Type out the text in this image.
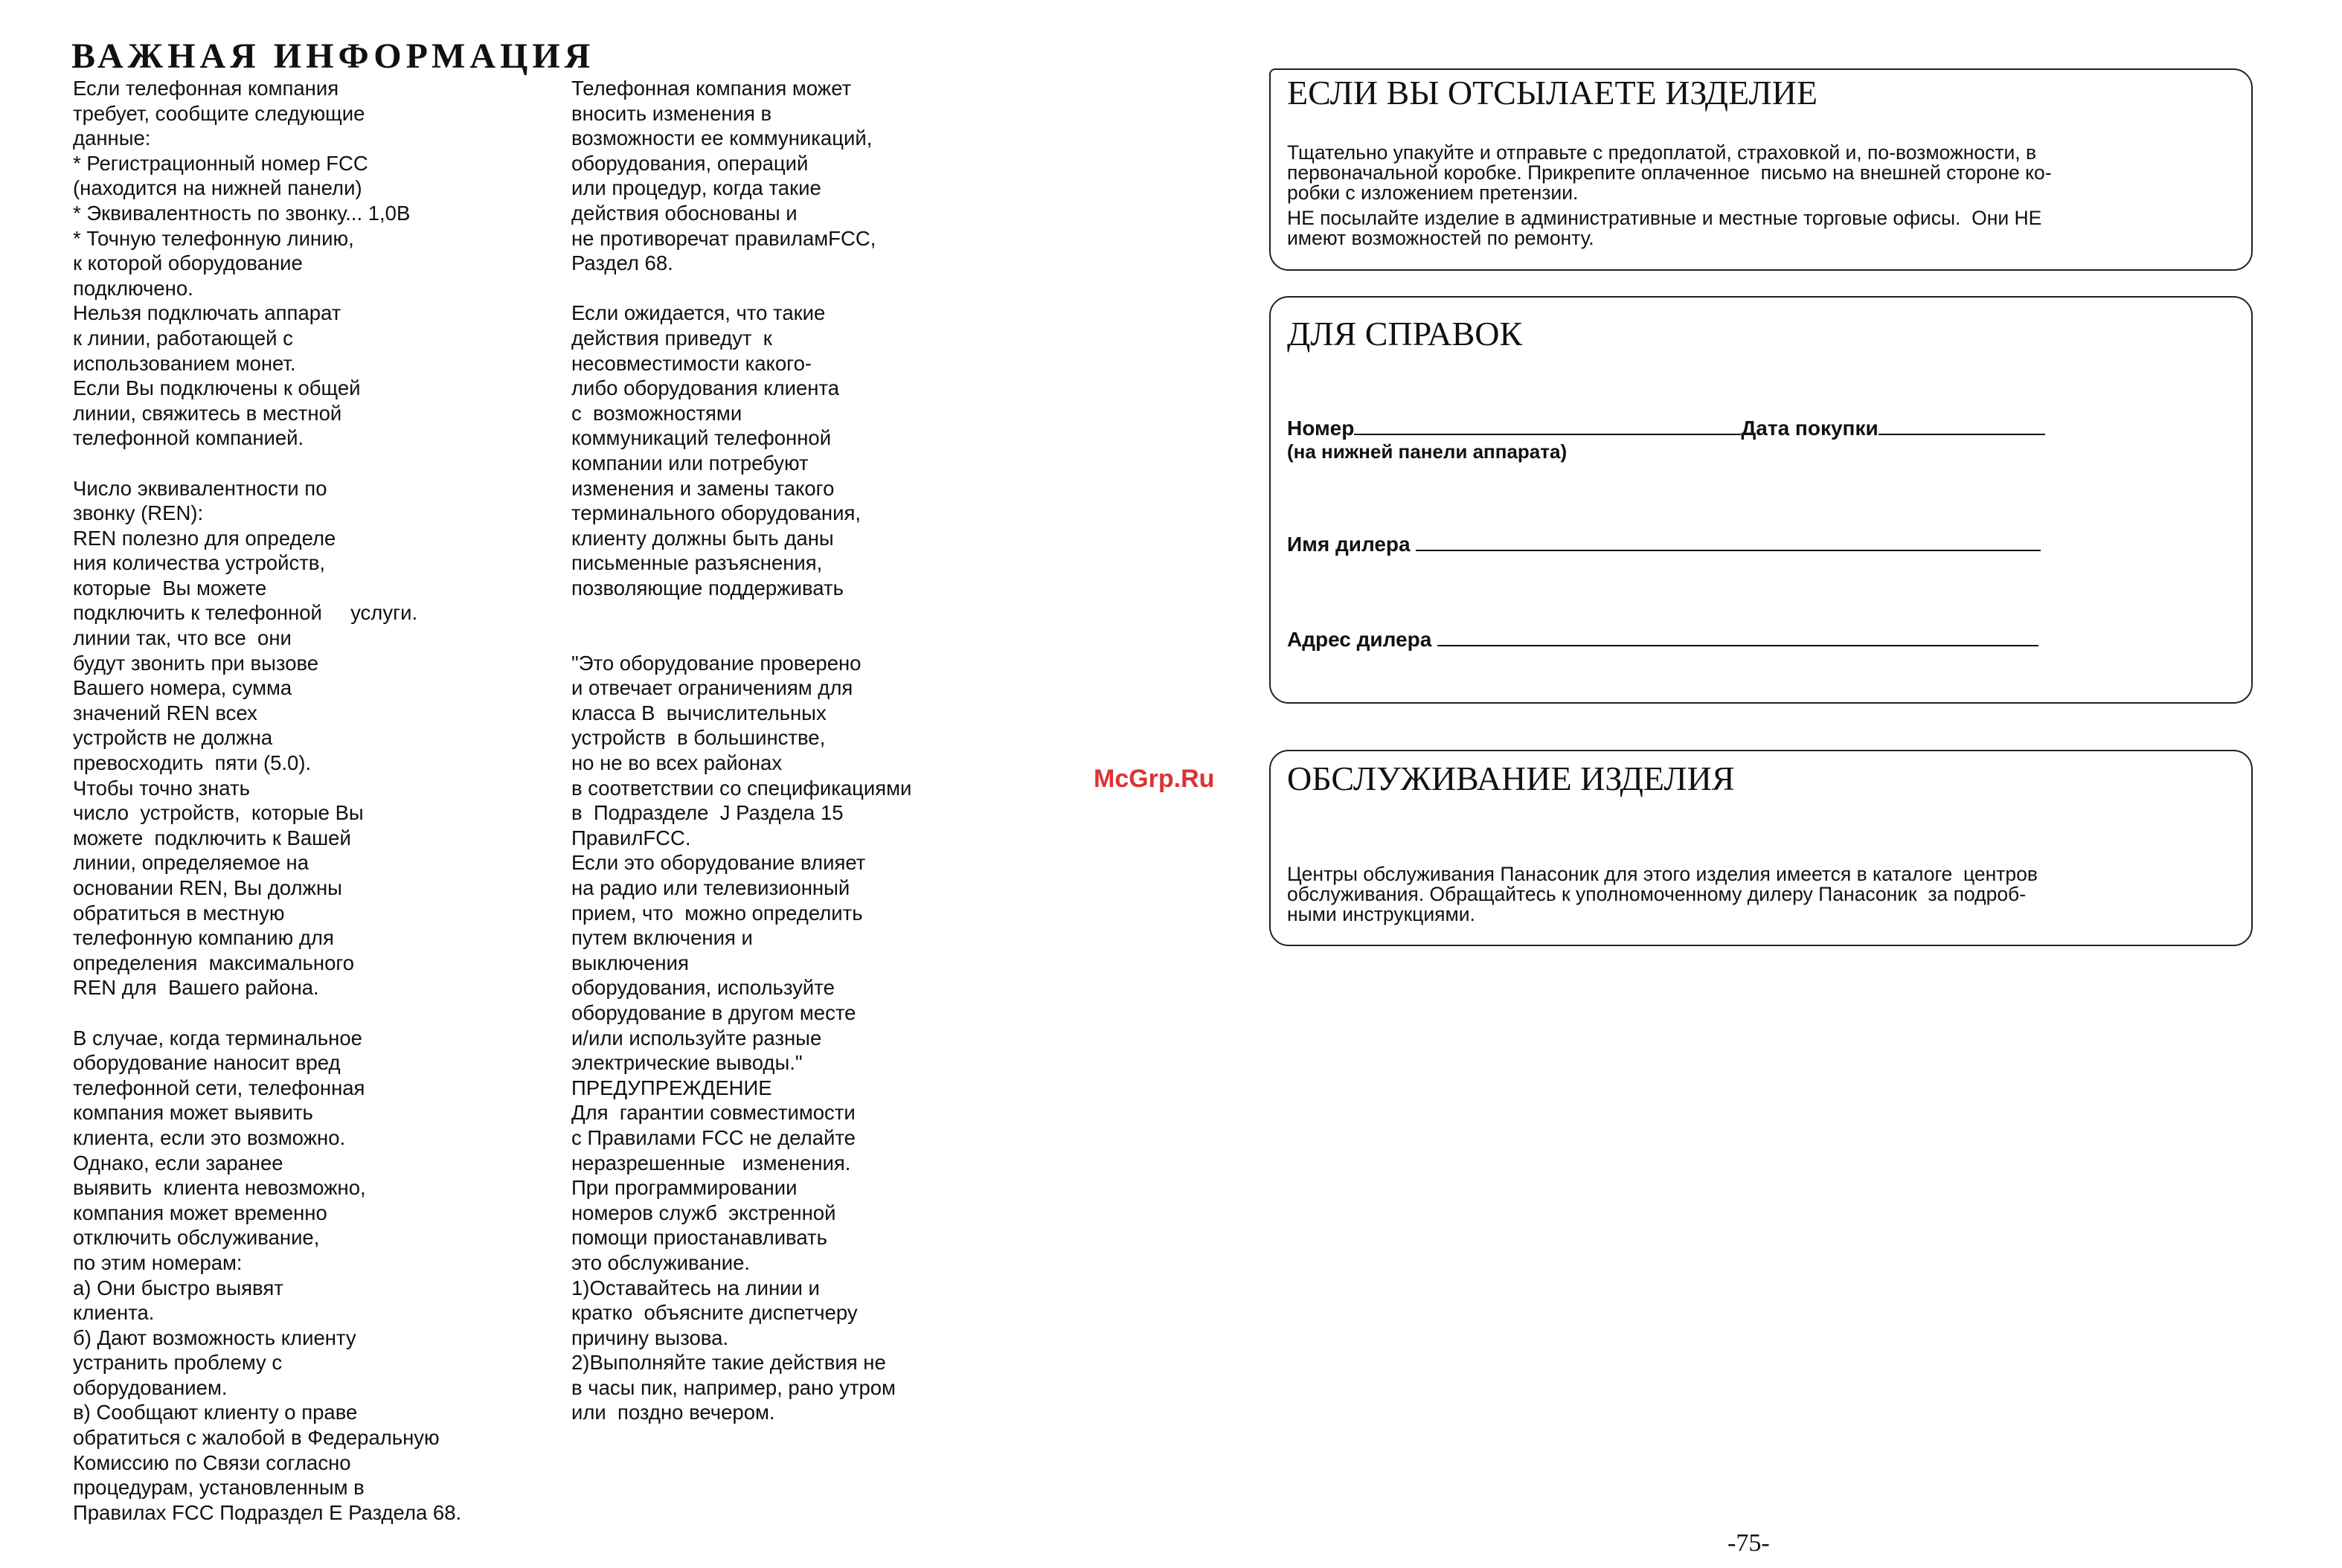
ВАЖНАЯ ИНФОРМАЦИЯ
Если телефонная компания
требует, сообщите следующие
данные:
* Регистрационный номер FCC
(находится на нижней панели)
* Эквивалентность по звонку... 1,0В
* Точную телефонную линию,
к которой оборудование
подключено.
Нельзя подключать аппарат
к линии, работающей с
использованием монет.
Если Вы подключены к общей
линии, свяжитесь в местной
телефонной компанией.

Число эквивалентности по
звонку (REN):
REN полезно для определе
ния количества устройств,
которые  Вы можете
подключить к телефонной     услуги.
линии так, что все  они
будут звонить при вызове
Вашего номера, сумма
значений REN всех
устройств не должна
превосходить  пяти (5.0).
Чтобы точно знать
число  устройств,  которые Вы
можете  подключить к Вашей
линии, определяемое на
основании REN, Вы должны
обратиться в местную
телефонную компанию для
определения  максимального
REN для  Вашего района.

В случае, когда терминальное
оборудование наносит вред
телефонной сети, телефонная
компания может выявить
клиента, если это возможно.
Однако, если заранее
выявить  клиента невозможно,
компания может временно
отключить обслуживание,
по этим номерам:
а) Они быстро выявят
клиента.
б) Дают возможность клиенту
устранить проблему с
оборудованием.
в) Сообщают клиенту о праве
обратиться с жалобой в Федеральную
Комиссию по Связи согласно
процедурам, установленным в
Правилах FCC Подраздел Е Раздела 68.
Телефонная компания может
вносить изменения в
возможности ее коммуникаций,
оборудования, операций
или процедур, когда такие
действия обоснованы и
не противоречат правиламFCC,
Раздел 68.

Если ожидается, что такие
действия приведут  к
несовместимости какого-
либо оборудования клиента
с  возможностями
коммуникаций телефонной
компании или потребуют
изменения и замены такого
терминального оборудования,
клиенту должны быть даны
письменные разъяснения,
позволяющие поддерживать

"Это оборудование проверено
и отвечает ограничениям для
класса В  вычислительных
устройств  в большинстве,
но не во всех районах
в соответствии со спецификациями
в  Подразделе  J Раздела 15
ПравилFCC.
Если это оборудование влияет
на радио или телевизионный
прием, что  можно определить
путем включения и
выключения
оборудования, используйте
оборудование в другом месте
и/или используйте разные
электрические выводы."
ПРЕДУПРЕЖДЕНИЕ
Для  гарантии совместимости
с Правилами FCC не делайте
неразрешенные   изменения.
При программировании
номеров служб  экстренной
помощи приостанавливать
это обслуживание.
1)Оставайтесь на линии и
кратко  объясните диспетчеру
причину вызова.
2)Выполняйте такие действия не
в часы пик, например, рано утром
или  поздно вечером.
McGrp.Ru
ЕСЛИ ВЫ ОТСЫЛАЕТЕ ИЗДЕЛИЕ
Тщательно упакуйте и отправьте с предоплатой, страховкой и, по-возможности, в
первоначальной коробке. Прикрепите оплаченное  письмо на внешней стороне ко-
робки с изложением претензии.
НЕ посылайте изделие в административные и местные торговые офисы.  Они НЕ
имеют возможностей по ремонту.
ДЛЯ СПРАВОК
Номер	Дата покупки
(на нижней панели аппарата)
Имя дилера
Адрес дилера
ОБСЛУЖИВАНИЕ ИЗДЕЛИЯ
Центры обслуживания Панасоник для этого изделия имеется в каталоге  центров
обслуживания. Обращайтесь к уполномоченному дилеру Панасоник  за подроб-
ными инструкциями.
-75-
